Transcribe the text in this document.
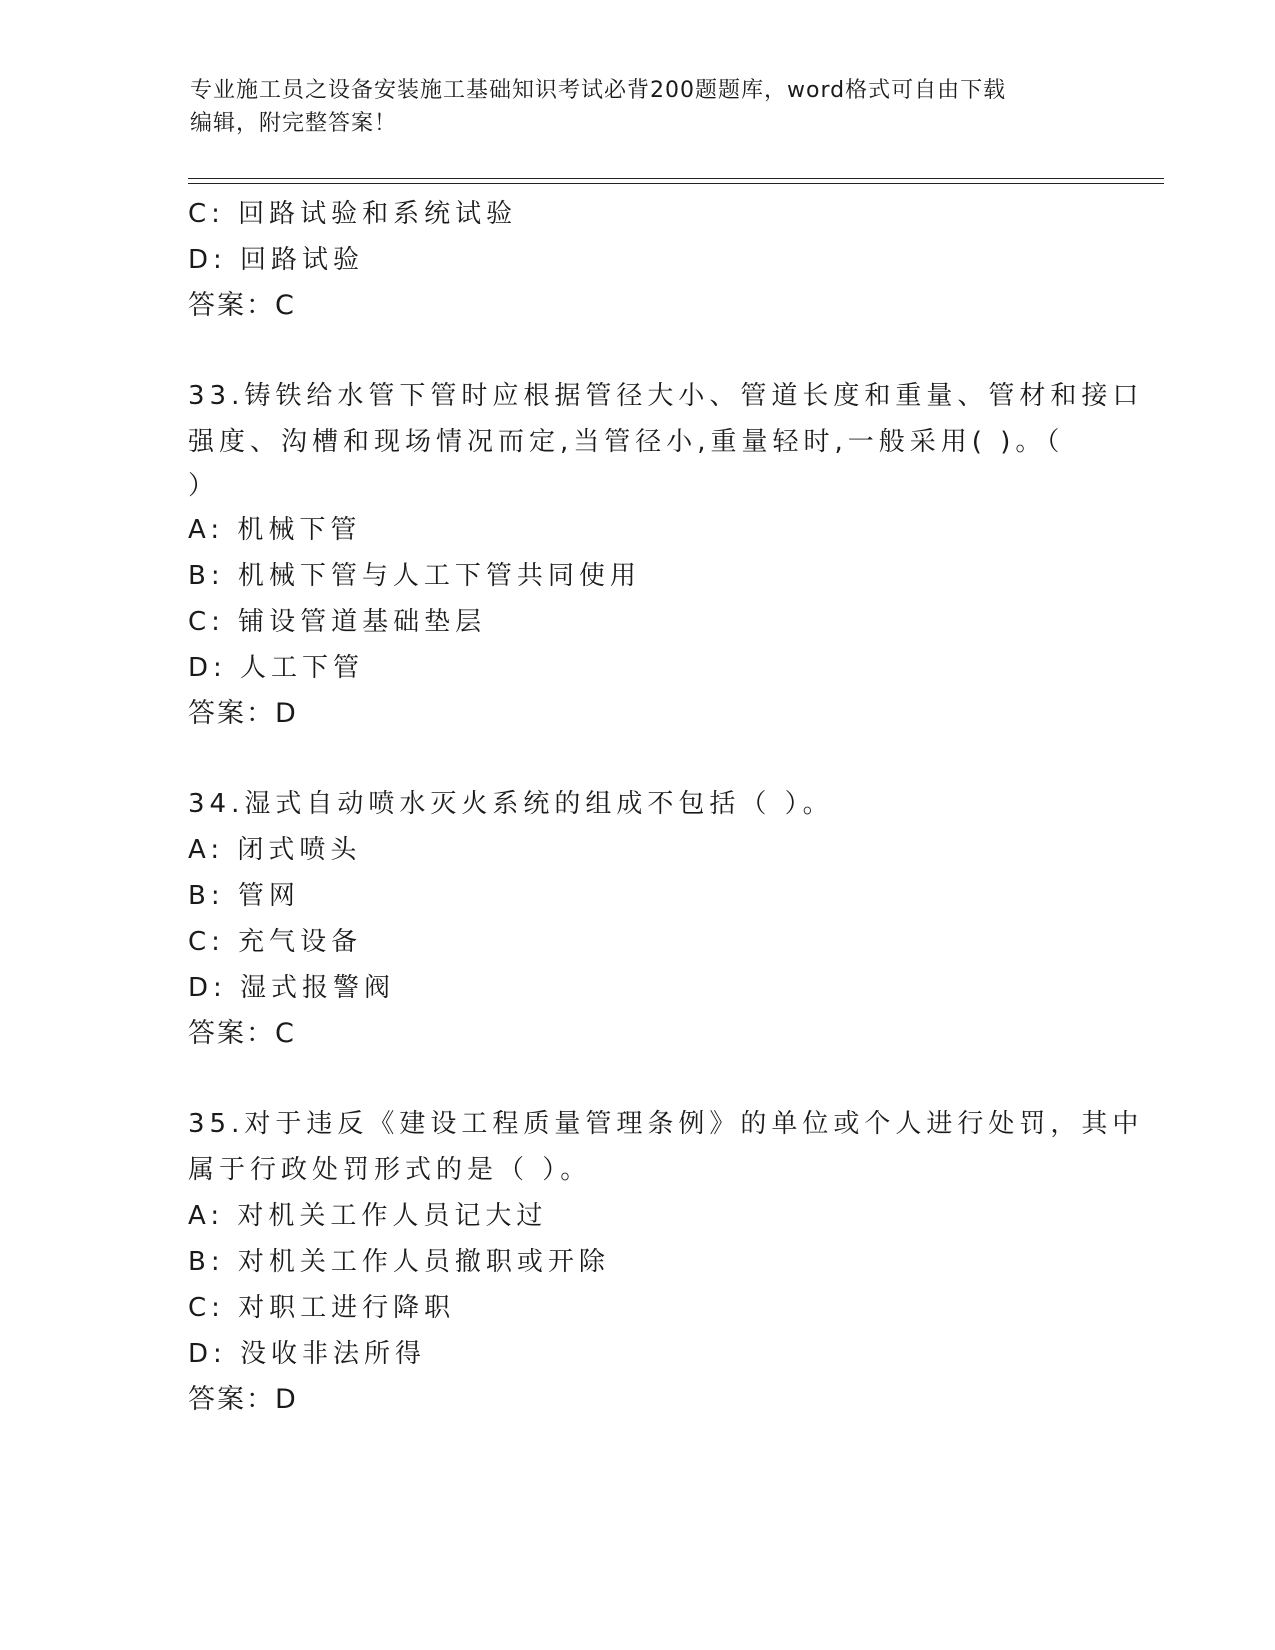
专业施工员之设备安装施工基础知识考试必背200题题库，word格式可自由下载
编辑，附完整答案！
C: 回路试验和系统试验
D: 回路试验
答案：C
33.铸铁给水管下管时应根据管径大小、管道长度和重量、管材和接口
强度、沟槽和现场情况而定,当管径小,重量轻时,一般采用( )。（
）
A: 机械下管
B: 机械下管与人工下管共同使用
C: 铺设管道基础垫层
D: 人工下管
答案：D
34.湿式自动喷水灭火系统的组成不包括（ ）。
A: 闭式喷头
B: 管网
C: 充气设备
D: 湿式报警阀
答案：C
35.对于违反《建设工程质量管理条例》的单位或个人进行处罚，其中
属于行政处罚形式的是（ ）。
A: 对机关工作人员记大过
B: 对机关工作人员撤职或开除
C: 对职工进行降职
D: 没收非法所得
答案：D
